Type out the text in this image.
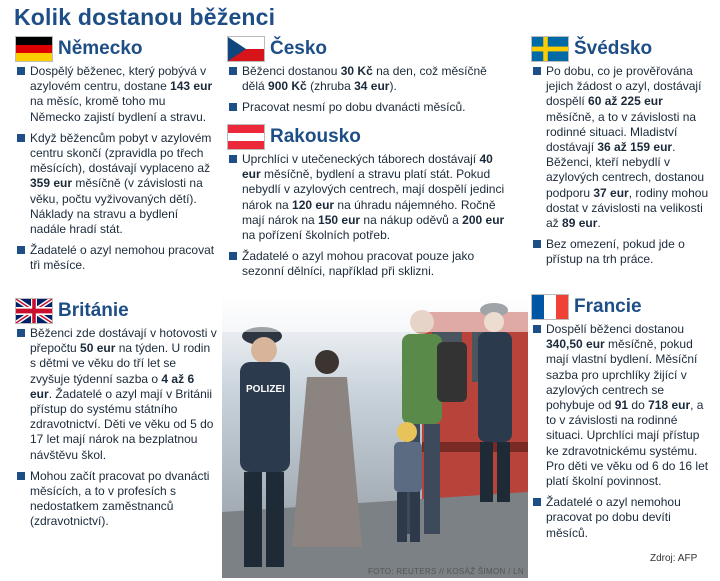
Kolik dostanou běženci
Německo
Dospělý běženec, který pobývá v azylovém centru, dostane 143 eur na měsíc, kromě toho mu Německo zajistí bydlení a stravu.
Když běžencům pobyt v azylovém centru skončí (zpravidla po třech měsících), dostávají vyplaceno až 359 eur měsíčně (v závislosti na věku, počtu vyživovaných dětí). Náklady na stravu a bydlení nadále hradí stát.
Žadatelé o azyl nemohou pracovat tři měsíce.
Česko
Běženci dostanou 30 Kč na den, což měsíčně dělá 900 Kč (zhruba 34 eur).
Pracovat nesmí po dobu dvanácti měsíců.
Rakousko
Uprchlíci v utečeneckých táborech dostávají 40 eur měsíčně, bydlení a stravu platí stát. Pokud nebydlí v azylových centrech, mají dospělí jedinci nárok na 120 eur na úhradu nájemného. Ročně mají nárok na 150 eur na nákup oděvů a 200 eur na pořízení školních potřeb.
Žadatelé o azyl mohou pracovat pouze jako sezonní dělníci, například při sklizni.
Británie
Běženci zde dostávají v hotovosti v přepočtu 50 eur na týden. U rodin s dětmi ve věku do tří let se zvyšuje týdenní sazba o 4 až 6 eur. Žadatelé o azyl mají v Británii přístup do systému státního zdravotnictví. Děti ve věku od 5 do 17 let mají nárok na bezplatnou návštěvu škol.
Mohou začít pracovat po dvanácti měsících, a to v profesích s nedostatkem zaměstnanců (zdravotnictví).
Švédsko
Po dobu, co je prověřována jejich žádost o azyl, dostávají dospělí 60 až 225 eur měsíčně, a to v závislosti na rodinné situaci. Mladiství dostávají 36 až 159 eur. Běženci, kteří nebydlí v azylových centrech, dostanou podporu 37 eur, rodiny mohou dostat v závislosti na velikosti až 89 eur.
Bez omezení, pokud jde o přístup na trh práce.
Francie
Dospělí běženci dostanou 340,50 eur měsíčně, pokud mají vlastní bydlení. Měsíční sazba pro uprchlíky žijící v azylových centrech se pohybuje od 91 do 718 eur, a to v závislosti na rodinné situaci. Uprchlíci mají přístup ke zdravotnickému systému. Pro děti ve věku od 6 do 16 let platí školní povinnost.
Žadatelé o azyl nemohou pracovat po dobu devíti měsíců.
POLIZEI
FOTO: REUTERS // KOSÁŽ ŠIMON / LN
Zdroj: AFP
